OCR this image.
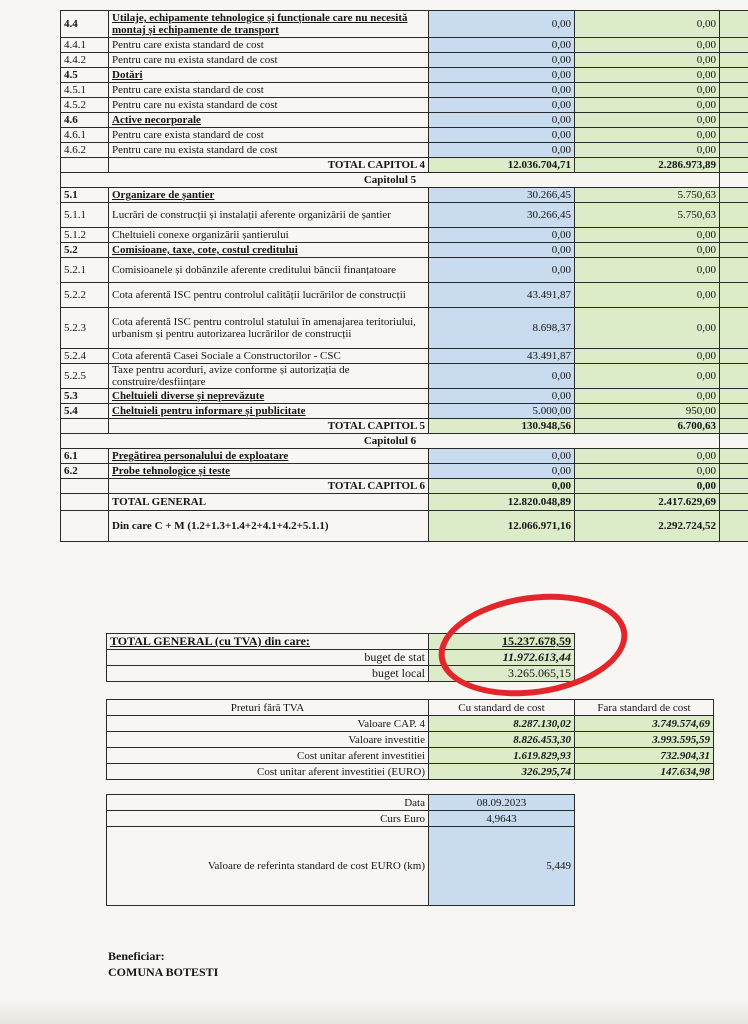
4.4	Utilaje, echipamente tehnologice și funcționale care nu necesită montaj și echipamente de transport	0,00	0,00	
4.4.1	Pentru care exista standard de cost	0,00	0,00	
4.4.2	Pentru care nu exista standard de cost	0,00	0,00	
4.5	Dotări	0,00	0,00	
4.5.1	Pentru care exista standard de cost	0,00	0,00	
4.5.2	Pentru care nu exista standard de cost	0,00	0,00	
4.6	Active necorporale	0,00	0,00	
4.6.1	Pentru care exista standard de cost	0,00	0,00	
4.6.2	Pentru care nu exista standard de cost	0,00	0,00	
	TOTAL CAPITOL 4	12.036.704,71	2.286.973,89	
Capitolul 5				
5.1	Organizare de șantier	30.266,45	5.750,63	
5.1.1	Lucrări de construcții și instalații aferente organizării de șantier	30.266,45	5.750,63	
5.1.2	Cheltuieli conexe organizării șantierului	0,00	0,00	
5.2	Comisioane, taxe, cote, costul creditului	0,00	0,00	
5.2.1	Comisioanele și dobânzile aferente creditului băncii finanțatoare	0,00	0,00	
5.2.2	Cota aferentă ISC pentru controlul calității lucrărilor de construcții	43.491,87	0,00	
5.2.3	Cota aferentă ISC pentru controlul statului în amenajarea teritoriului, urbanism și pentru autorizarea lucrărilor de construcții	8.698,37	0,00	
5.2.4	Cota aferentă Casei Sociale a Constructorilor - CSC	43.491,87	0,00	
5.2.5	Taxe pentru acorduri, avize conforme și autorizația de construire/desființare	0,00	0,00	
5.3	Cheltuieli diverse și neprevăzute	0,00	0,00	
5.4	Cheltuieli pentru informare și publicitate	5.000,00	950,00	
	TOTAL CAPITOL 5	130.948,56	6.700,63	
Capitolul 6				
6.1	Pregătirea personalului de exploatare	0,00	0,00	
6.2	Probe tehnologice și teste	0,00	0,00	
	TOTAL CAPITOL 6	0,00	0,00	
	TOTAL GENERAL	12.820.048,89	2.417.629,69	
	Din care C + M (1.2+1.3+1.4+2+4.1+4.2+5.1.1)	12.066.971,16	2.292.724,52	
TOTAL GENERAL (cu TVA) din care:	15.237.678,59
buget de stat	11.972.613,44
buget local	3.265.065,15
Preturi fără TVA	Cu standard de cost	Fara standard de cost
Valoare CAP. 4	8.287.130,02	3.749.574,69
Valoare investitie	8.826.453,30	3.993.595,59
Cost unitar aferent investitiei	1.619.829,93	732.904,31
Cost unitar aferent investitiei (EURO)	326.295,74	147.634,98
Data	08.09.2023
Curs Euro	4,9643
Valoare de referinta standard de cost EURO (km)	5,449
Beneficiar:
COMUNA BOTESTI
